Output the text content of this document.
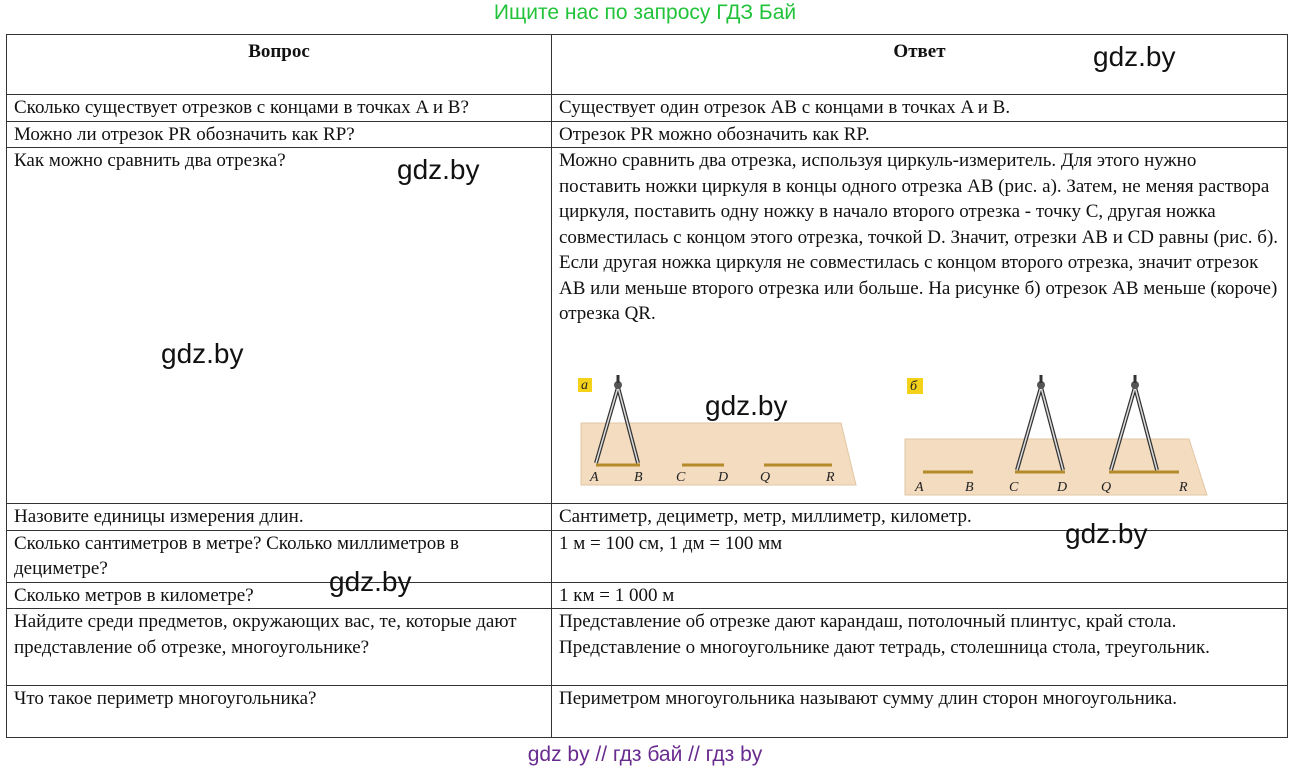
Ищите нас по запросу ГДЗ Бай
Вопрос	Ответ
Сколько существует отрезков с концами в точках A и B?	Существует один отрезок AB с концами в точках A и B.
Можно ли отрезок PR обозначить как RP?	Отрезок PR можно обозначить как RP.
Как можно сравнить два отрезка?	Можно сравнить два отрезка, используя циркуль-измеритель. Для этого нужно поставить ножки циркуля в концы одного отрезка AB (рис. а). Затем, не меняя раствора циркуля, поставить одну ножку в начало второго отрезка - точку C, другая ножка совместилась с концом этого отрезка, точкой D. Значит, отрезки AB и CD равны (рис. б). Если другая ножка циркуля не совместилась с концом второго отрезка, значит отрезок AB или меньше второго отрезка или больше. На рисунке б) отрезок AB меньше (короче) отрезка QR.

Назовите единицы измерения длин.	Сантиметр, дециметр, метр, миллиметр, километр.
Сколько сантиметров в метре? Сколько миллиметров в дециметре?	1 м = 100 см, 1 дм = 100 мм
Сколько метров в километре?	1 км = 1 000 м
Найдите среди предметов, окружающих вас, те, которые дают представление об отрезке, многоугольнике?	Представление об отрезке дают карандаш, потолочный плинтус, край стола. Представление о многоугольнике дают тетрадь, столешница стола, треугольник.
Что такое периметр многоугольника?	Периметром многоугольника называют сумму длин сторон многоугольника.
а
A	B C D Q	R
б
A	B	C	D Q	R
gdz.by
gdz.by
gdz.by
gdz.by
gdz.by
gdz.by
gdz by // гдз бай // гдз by
